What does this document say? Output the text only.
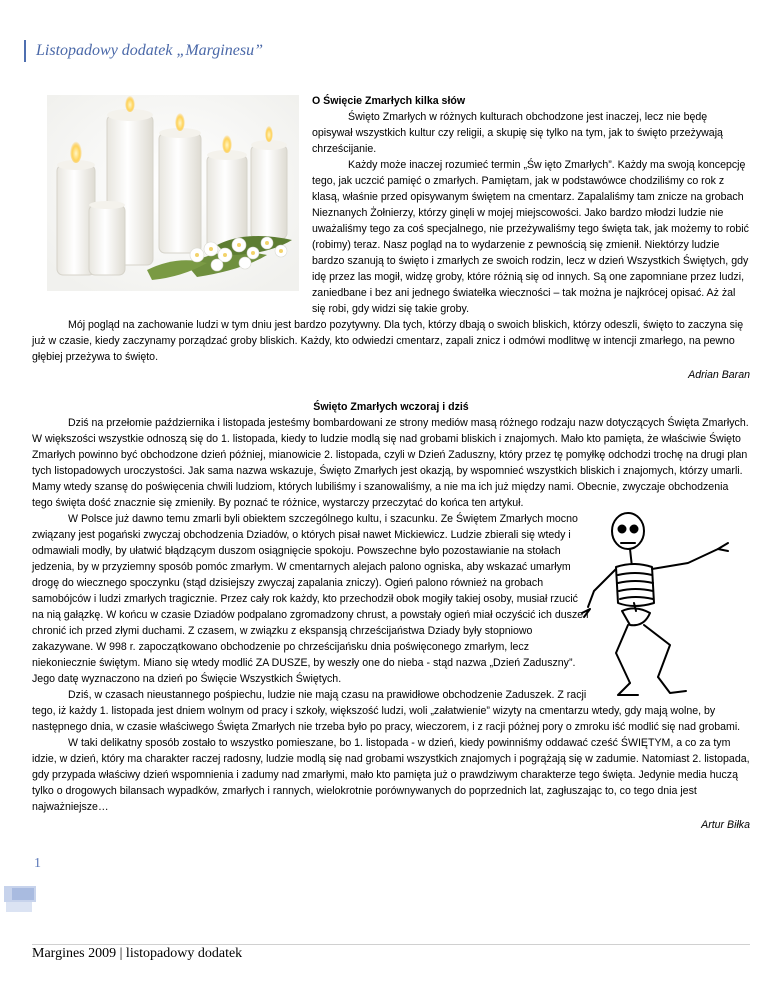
Listopadowy dodatek „Marginesu”
O Święcie Zmarłych kilka słów

Święto Zmarłych w różnych kulturach obchodzone jest inaczej, lecz nie będę opisywał wszystkich kultur czy religii, a skupię się tylko na tym, jak to święto przeżywają chrześcijanie.

Każdy może inaczej rozumieć termin „Św ięto Zmarłych”. Każdy ma swoją koncepcję tego, jak uczcić pamięć o zmarłych. Pamiętam, jak w podstawówce chodziliśmy co rok z klasą, właśnie przed opisywanym świętem na cmentarz. Zapalaliśmy tam znicze na grobach Nieznanych Żołnierzy, którzy ginęli w mojej miejscowości. Jako bardzo młodzi ludzie nie uważaliśmy tego za coś specjalnego, nie przeżywaliśmy tego święta tak, jak możemy to robić (robimy) teraz. Nasz pogląd na to wydarzenie z pewnością się zmienił. Niektórzy ludzie bardzo szanują to święto i zmarłych ze swoich rodzin, lecz w dzień Wszystkich Świętych, gdy idę przez las mogił, widzę groby, które różnią się od innych. Są one zapomniane przez ludzi, zaniedbane i bez ani jednego światełka wieczności – tak można je najkrócej opisać. Aż żal się robi, gdy widzi się takie groby.

Mój pogląd na zachowanie ludzi w tym dniu jest bardzo pozytywny. Dla tych, którzy dbają o swoich bliskich, którzy odeszli, święto to zaczyna się już w czasie, kiedy zaczynamy porządzać groby bliskich. Każdy, kto odwiedzi cmentarz, zapali znicz i odmówi modlitwę w intencji zmarłego, na pewno głębiej przeżywa to święto.

Adrian Baran

Święto Zmarłych wczoraj i dziś

Dziś na przełomie października i listopada jesteśmy bombardowani ze strony mediów masą różnego rodzaju nazw dotyczących Święta Zmarłych. W większości wszystkie odnoszą się do 1. listopada, kiedy to ludzie modlą się nad grobami bliskich i znajomych. Mało kto pamięta, że właściwie Święto Zmarłych powinno być obchodzone dzień później, mianowicie 2. listopada, czyli w Dzień Zaduszny, który przez tę pomyłkę odchodzi trochę na drugi plan tych listopadowych uroczystości. Jak sama nazwa wskazuje, Święto Zmarłych jest okazją, by wspomnieć wszystkich bliskich i znajomych, którzy umarli. Mamy wtedy szansę do poświęcenia chwili ludziom, których lubiliśmy i szanowaliśmy, a nie ma ich już między nami. Obecnie, zwyczaje obchodzenia tego święta dość znacznie się zmieniły. By poznać te różnice, wystarczy przeczytać do końca ten artykuł.

W Polsce już dawno temu zmarli byli obiektem szczególnego kultu, i szacunku. Ze Świętem Zmarłych mocno związany jest pogański zwyczaj obchodzenia Dziadów, o których pisał nawet Mickiewicz. Ludzie zbierali się wtedy i odmawiali modły, by ułatwić błądzącym duszom osiągnięcie spokoju. Powszechne było pozostawianie na stołach jedzenia, by w przyziemny sposób pomóc zmarłym. W cmentarnych alejach palono ogniska, aby wskazać umarłym drogę do wiecznego spoczynku (stąd dzisiejszy zwyczaj zapalania zniczy). Ogień palono również na grobach samobójców i ludzi zmarłych tragicznie. Przez cały rok każdy, kto przechodził obok mogiły takiej osoby, musiał rzucić na nią gałązkę. W końcu w czasie Dziadów podpalano zgromadzony chrust, a powstały ogień miał oczyścić ich dusze i chronić ich przed złymi duchami. Z czasem, w związku z ekspansją chrześcijaństwa Dziady były stopniowo zakazywane. W 998 r. zapoczątkowano obchodzenie po chrześcijańsku dnia poświęconego zmarłym, lecz niekoniecznie świętym. Miano się wtedy modlić ZA DUSZE, by weszły one do nieba - stąd nazwa „Dzień Zaduszny”. Jego datę wyznaczono na dzień po Święcie Wszystkich Świętych.

Dziś, w czasach nieustannego pośpiechu, ludzie nie mają czasu na prawidłowe obchodzenie Zaduszek. Z racji tego, iż każdy 1. listopada jest dniem wolnym od pracy i szkoły, większość ludzi, woli „załatwienie” wizyty na cmentarzu wtedy, gdy mają wolne, by następnego dnia, w czasie właściwego Święta Zmarłych nie trzeba było po pracy, wieczorem, i z racji póżnej pory o zmroku iść modlić się nad grobami.

W taki delikatny sposób zostało to wszystko pomieszane, bo 1. listopada - w dzień, kiedy powinniśmy oddawać cześć ŚWIĘTYM, a co za tym idzie, w dzień, który ma charakter raczej radosny, ludzie modlą się nad grobami wszystkich znajomych i pogrążają się w zadumie. Natomiast 2. listopada, gdy przypada właściwy dzień wspomnienia i zadumy nad zmarłymi, mało kto pamięta już o prawdziwym charakterze tego święta. Jedynie media huczą tylko o drogowych bilansach wypadków, zmarłych i rannych, wielokrotnie porównywanych do poprzednich lat, zagłuszając to, co tego dnia jest najważniejsze…

Artur Biłka

1
Margines 2009 | listopadowy dodatek
